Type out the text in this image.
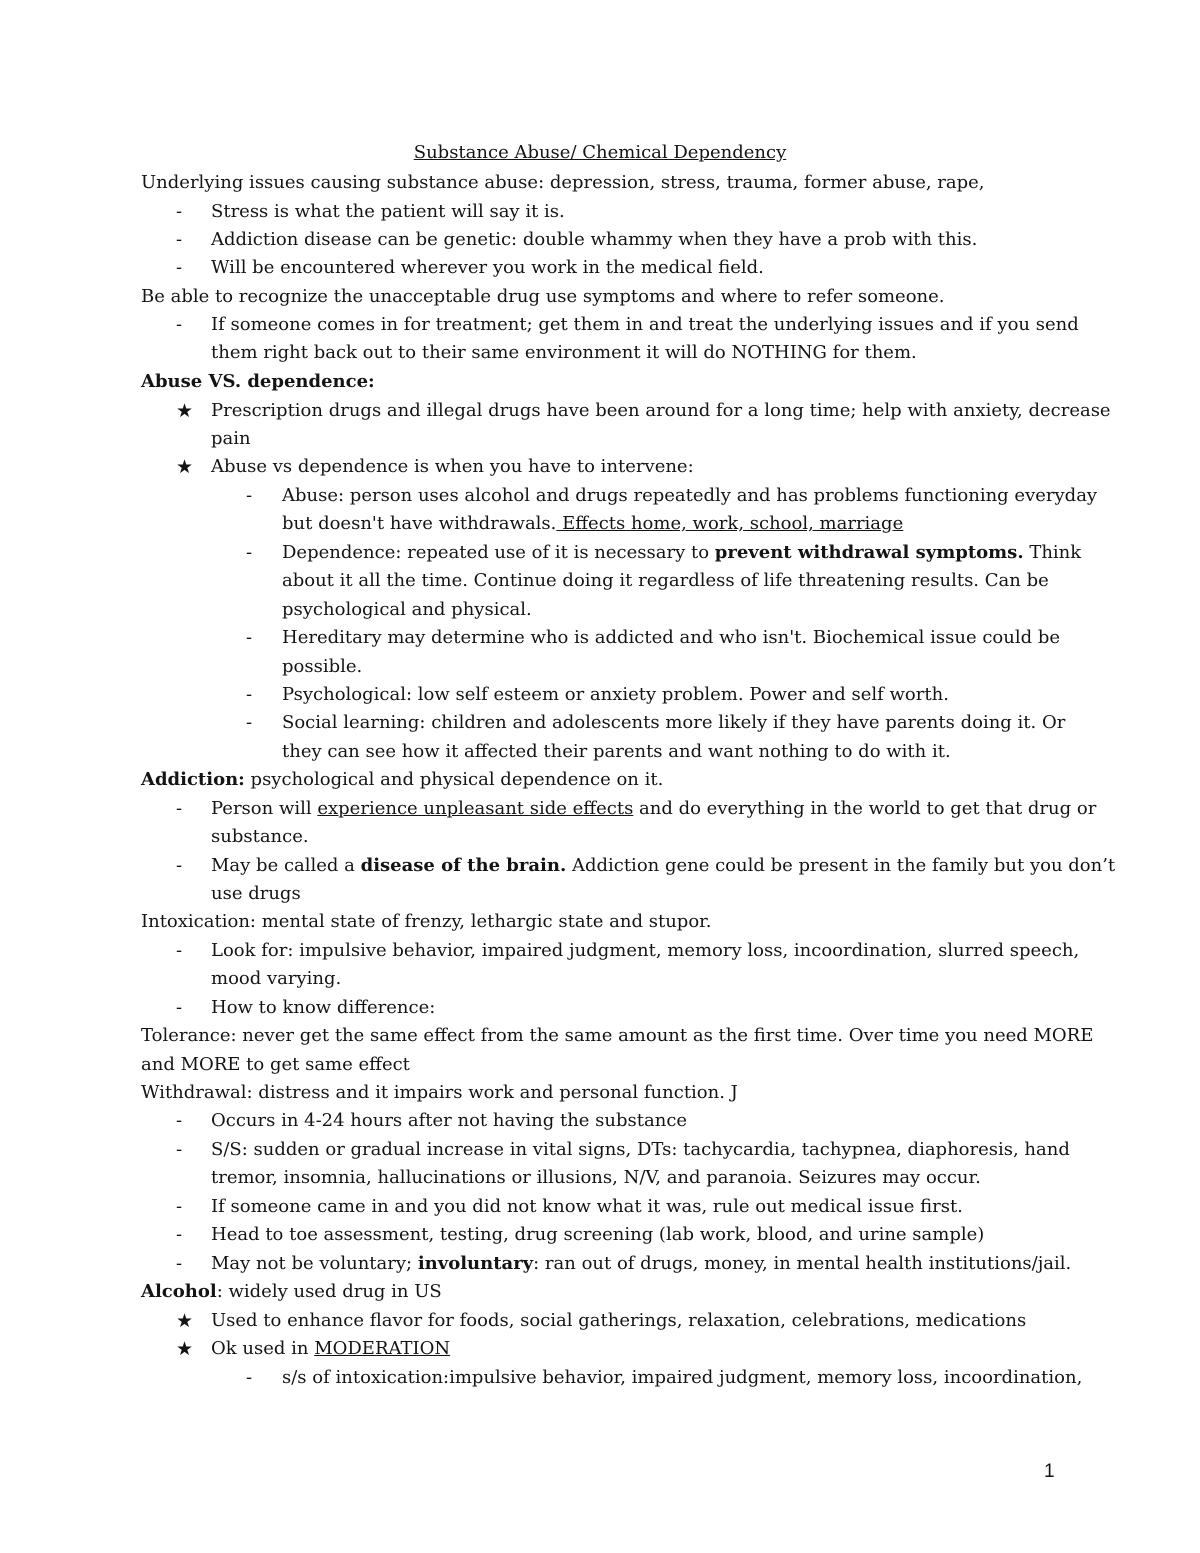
Substance Abuse/ Chemical Dependency
Underlying issues causing substance abuse: depression, stress, trauma, former abuse, rape,
- Stress is what the patient will say it is.
- Addiction disease can be genetic: double whammy when they have a prob with this.
- Will be encountered wherever you work in the medical field.
Be able to recognize the unacceptable drug use symptoms and where to refer someone.
- If someone comes in for treatment; get them in and treat the underlying issues and if you send
them right back out to their same environment it will do NOTHING for them.
Abuse VS. dependence:
★ Prescription drugs and illegal drugs have been around for a long time; help with anxiety, decrease
pain
★ Abuse vs dependence is when you have to intervene:
- Abuse: person uses alcohol and drugs repeatedly and has problems functioning everyday
but doesn't have withdrawals. Effects home, work, school, marriage
- Dependence: repeated use of it is necessary to prevent withdrawal symptoms. Think
about it all the time. Continue doing it regardless of life threatening results. Can be
psychological and physical.
- Hereditary may determine who is addicted and who isn't. Biochemical issue could be
possible.
- Psychological: low self esteem or anxiety problem. Power and self worth.
- Social learning: children and adolescents more likely if they have parents doing it. Or
they can see how it affected their parents and want nothing to do with it.
Addiction: psychological and physical dependence on it.
- Person will experience unpleasant side effects and do everything in the world to get that drug or
substance.
- May be called a disease of the brain. Addiction gene could be present in the family but you don’t
use drugs
Intoxication: mental state of frenzy, lethargic state and stupor.
- Look for: impulsive behavior, impaired judgment, memory loss, incoordination, slurred speech,
mood varying.
- How to know difference:
Tolerance: never get the same effect from the same amount as the first time. Over time you need MORE
and MORE to get same effect
Withdrawal: distress and it impairs work and personal function. J
- Occurs in 4-24 hours after not having the substance
- S/S: sudden or gradual increase in vital signs, DTs: tachycardia, tachypnea, diaphoresis, hand
tremor, insomnia, hallucinations or illusions, N/V, and paranoia. Seizures may occur.
- If someone came in and you did not know what it was, rule out medical issue first.
- Head to toe assessment, testing, drug screening (lab work, blood, and urine sample)
- May not be voluntary; involuntary: ran out of drugs, money, in mental health institutions/jail.
Alcohol: widely used drug in US
★ Used to enhance flavor for foods, social gatherings, relaxation, celebrations, medications
★ Ok used in MODERATION
- s/s of intoxication:impulsive behavior, impaired judgment, memory loss, incoordination,
1
